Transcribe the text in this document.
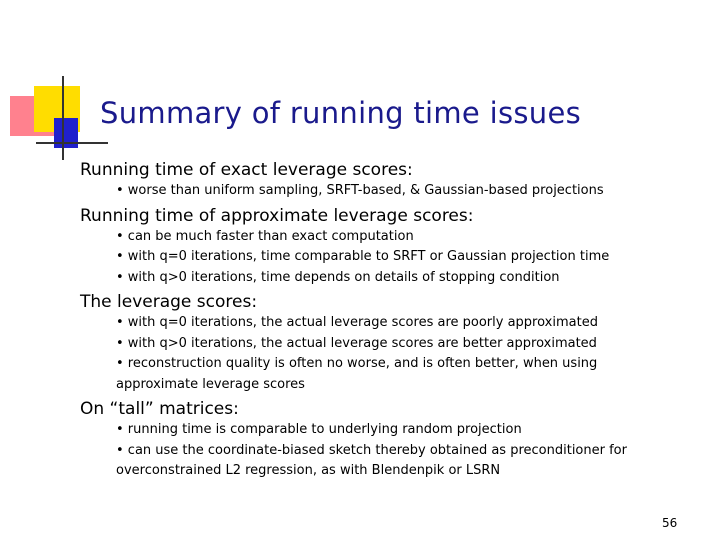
Summary of running time issues

Running time of exact leverage scores:

• worse than uniform sampling, SRFT-based, & Gaussian-based projections

Running time of approximate leverage scores:

• can be much faster than exact computation
• with q=0 iterations, time comparable to SRFT or Gaussian projection time
• with q>0 iterations, time depends on details of stopping condition

The leverage scores:

• with q=0 iterations, the actual leverage scores are poorly approximated
• with q>0 iterations, the actual leverage scores are better approximated
• reconstruction quality is often no worse, and is often better, when using approximate leverage scores

On “tall” matrices:

• running time is comparable to underlying random projection
• can use the coordinate-biased sketch thereby obtained as preconditioner for overconstrained L2 regression, as with Blendenpik or LSRN
56
